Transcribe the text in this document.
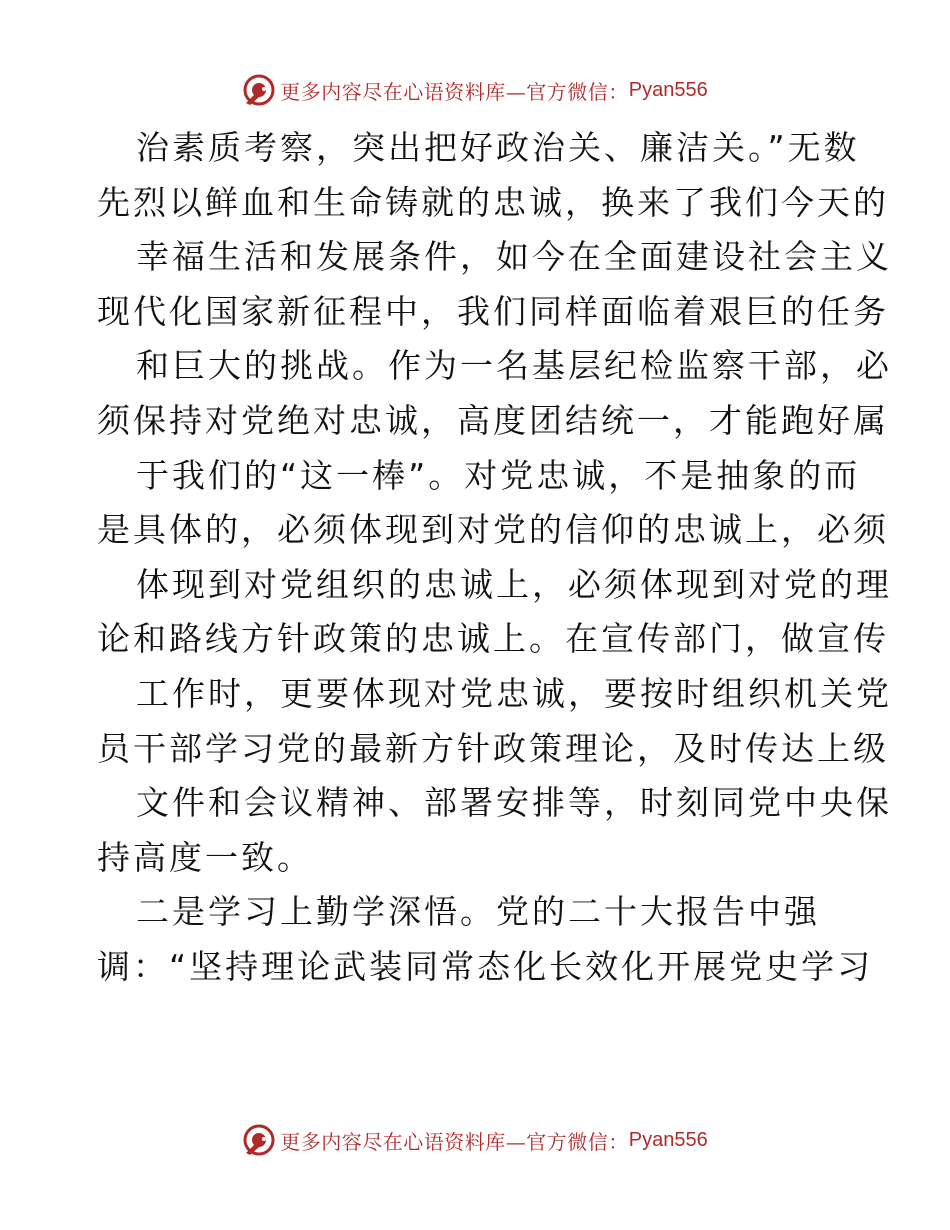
更多内容尽在心语资料库—官方微信： Pyan556
治素质考察，突出把好政治关、廉洁关。”无数
先烈以鲜血和生命铸就的忠诚，换来了我们今天的
幸福生活和发展条件，如今在全面建设社会主义
现代化国家新征程中，我们同样面临着艰巨的任务
和巨大的挑战。作为一名基层纪检监察干部，必
须保持对党绝对忠诚，高度团结统一，才能跑好属
于我们的“这一棒”。对党忠诚，不是抽象的而
是具体的，必须体现到对党的信仰的忠诚上，必须
体现到对党组织的忠诚上，必须体现到对党的理
论和路线方针政策的忠诚上。在宣传部门，做宣传
工作时，更要体现对党忠诚，要按时组织机关党
员干部学习党的最新方针政策理论，及时传达上级
文件和会议精神、部署安排等，时刻同党中央保
持高度一致。
二是学习上勤学深悟。党的二十大报告中强
调：“坚持理论武装同常态化长效化开展党史学习
更多内容尽在心语资料库—官方微信： Pyan556
